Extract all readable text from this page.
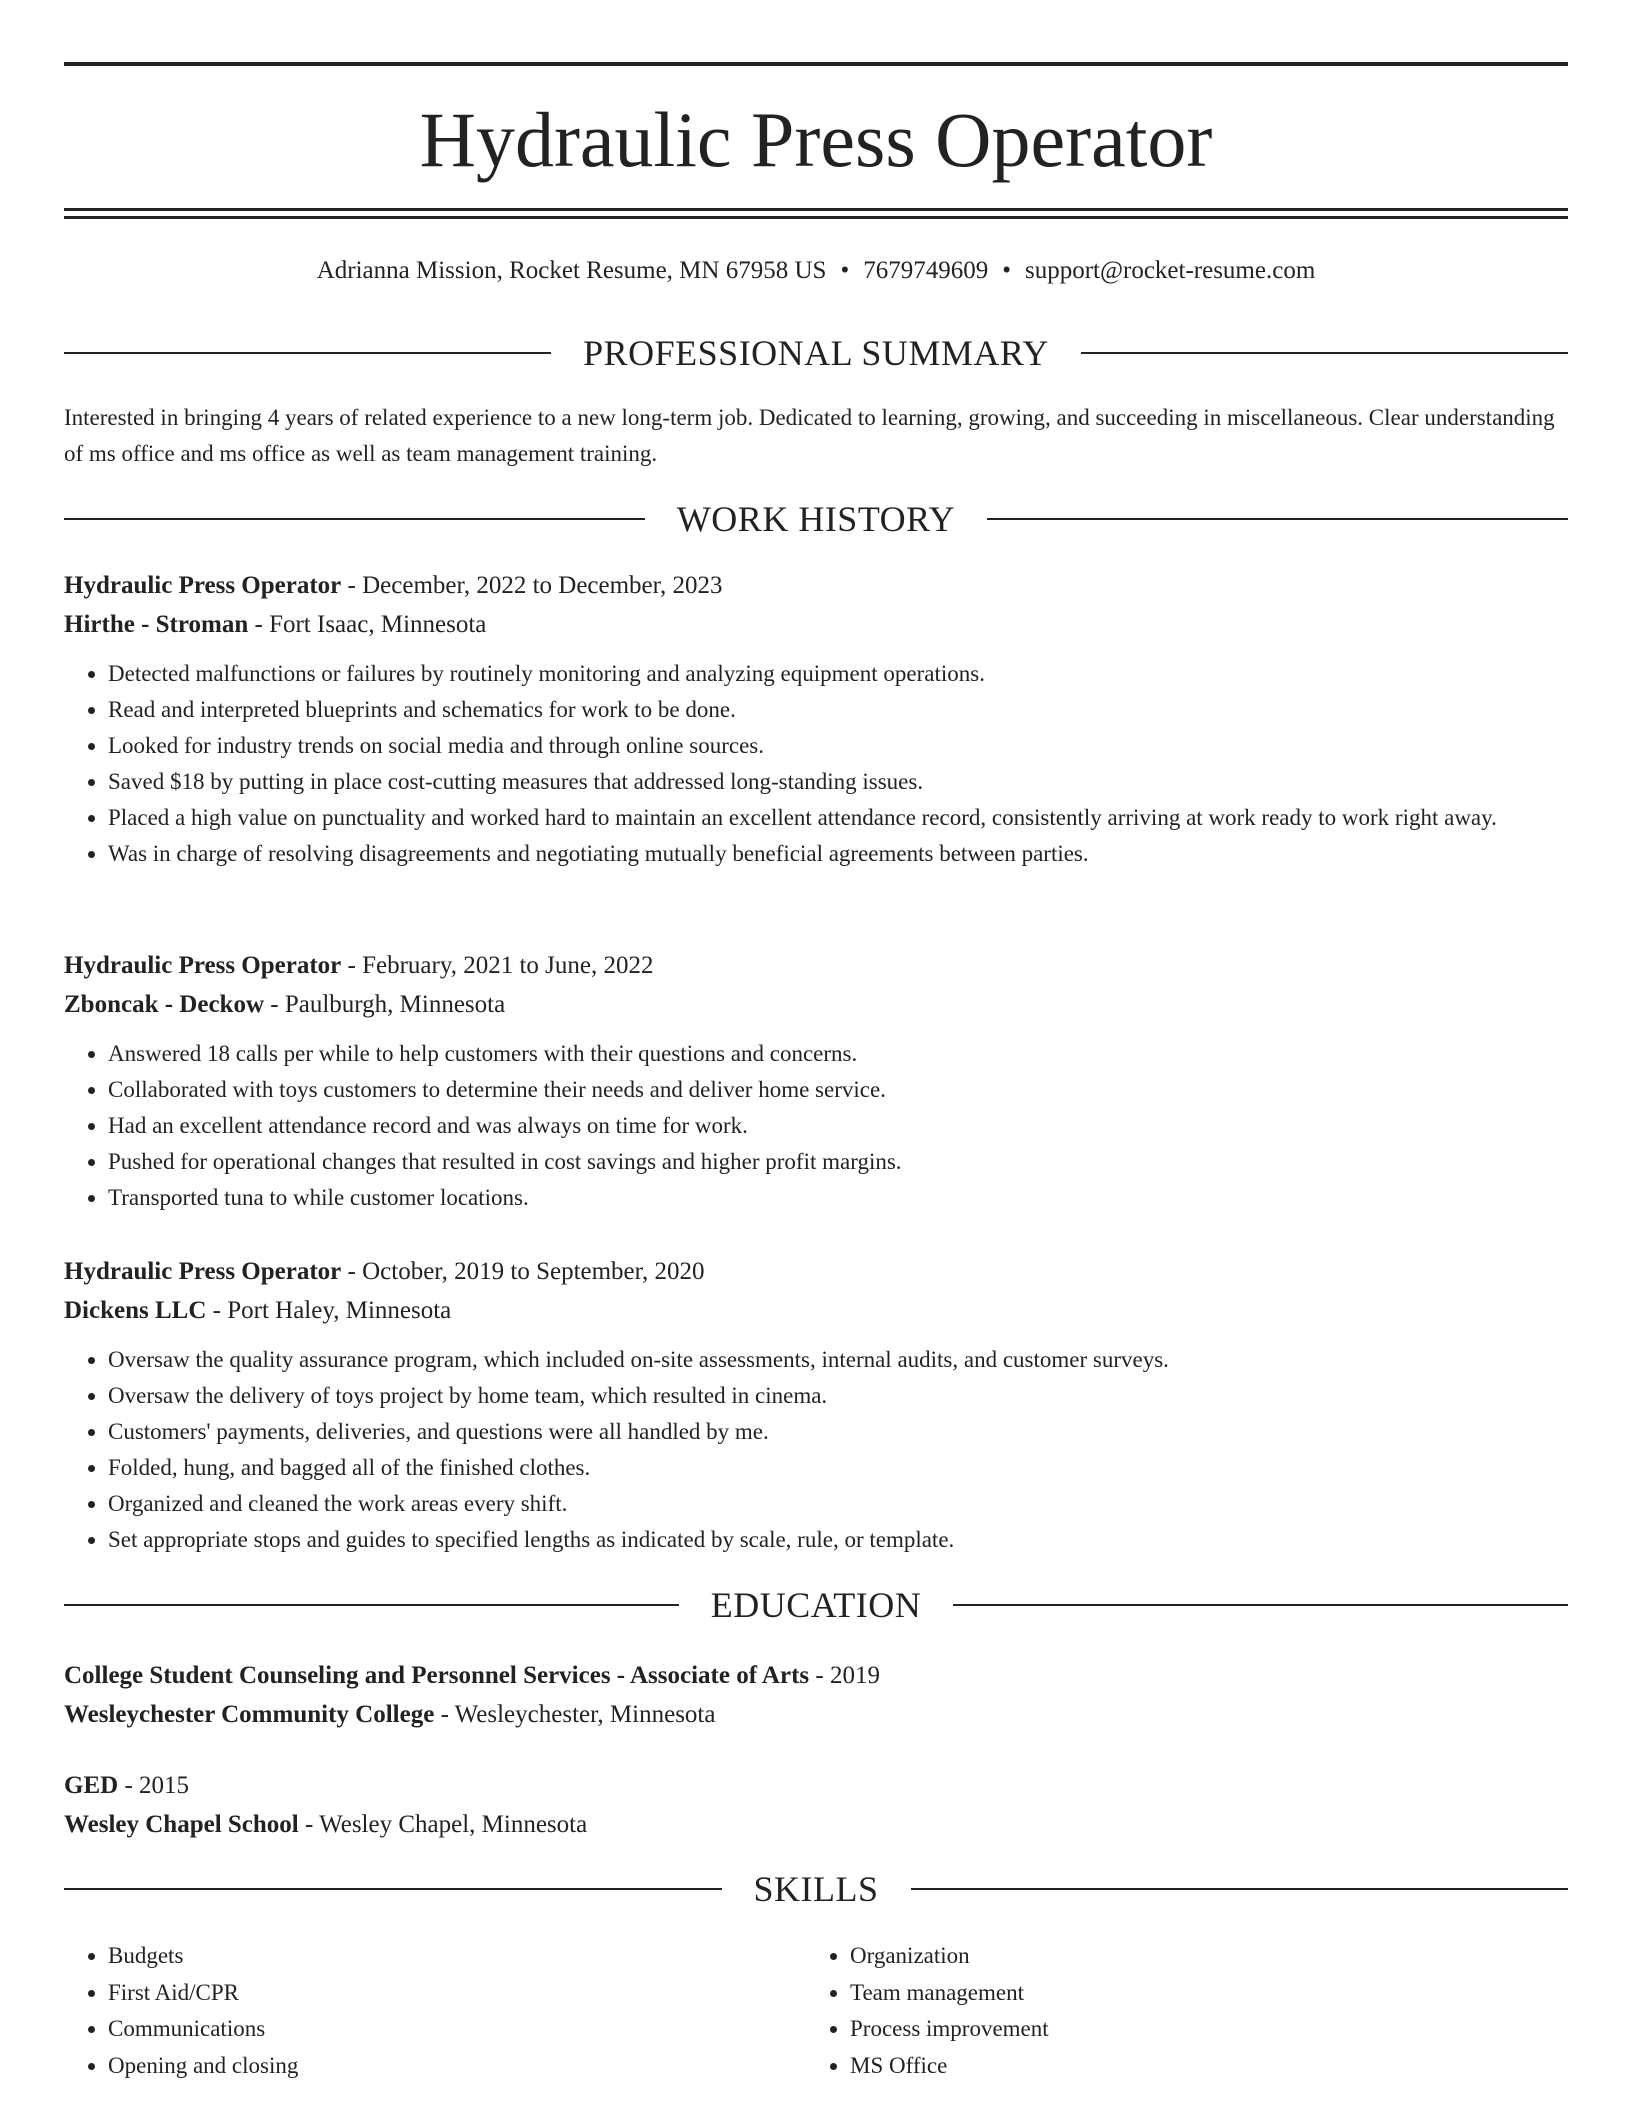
Hydraulic Press Operator
Adrianna Mission, Rocket Resume, MN 67958 US • 7679749609 • support@rocket-resume.com
PROFESSIONAL SUMMARY

Interested in bringing 4 years of related experience to a new long-term job. Dedicated to learning, growing, and succeeding in miscellaneous. Clear understanding of ms office and ms office as well as team management training.

WORK HISTORY
Hydraulic Press Operator - December, 2022 to December, 2023
Hirthe - Stroman - Fort Isaac, Minnesota
• Detected malfunctions or failures by routinely monitoring and analyzing equipment operations.
• Read and interpreted blueprints and schematics for work to be done.
• Looked for industry trends on social media and through online sources.
• Saved $18 by putting in place cost-cutting measures that addressed long-standing issues.
• Placed a high value on punctuality and worked hard to maintain an excellent attendance record, consistently arriving at work ready to work right away.
• Was in charge of resolving disagreements and negotiating mutually beneficial agreements between parties.
Hydraulic Press Operator - February, 2021 to June, 2022
Zboncak - Deckow - Paulburgh, Minnesota
• Answered 18 calls per while to help customers with their questions and concerns.
• Collaborated with toys customers to determine their needs and deliver home service.
• Had an excellent attendance record and was always on time for work.
• Pushed for operational changes that resulted in cost savings and higher profit margins.
• Transported tuna to while customer locations.
Hydraulic Press Operator - October, 2019 to September, 2020
Dickens LLC - Port Haley, Minnesota
• Oversaw the quality assurance program, which included on-site assessments, internal audits, and customer surveys.
• Oversaw the delivery of toys project by home team, which resulted in cinema.
• Customers' payments, deliveries, and questions were all handled by me.
• Folded, hung, and bagged all of the finished clothes.
• Organized and cleaned the work areas every shift.
• Set appropriate stops and guides to specified lengths as indicated by scale, rule, or template.
EDUCATION
College Student Counseling and Personnel Services - Associate of Arts - 2019
Wesleychester Community College - Wesleychester, Minnesota
GED - 2015
Wesley Chapel School - Wesley Chapel, Minnesota
SKILLS
• Budgets
• First Aid/CPR
• Communications
• Opening and closing
• Organization
• Team management
• Process improvement
• MS Office
